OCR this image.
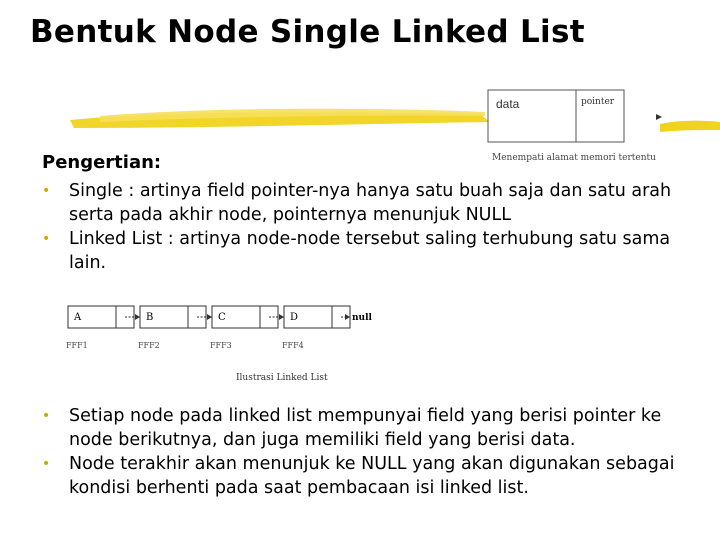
Bentuk Node Single Linked List
data	pointer
Menempati alamat memori tertentu
Pengertian:
• Single : artinya field pointer-nya hanya satu buah saja dan satu arah serta pada akhir node, pointernya menunjuk NULL
• Linked List : artinya node-node tersebut saling terhubung satu sama lain.
A
FFF1
B
FFF2
C
FFF3
D
FFF4
null
Ilustrasi Linked List
• Setiap node pada linked list mempunyai field yang berisi pointer ke node berikutnya, dan juga memiliki field yang berisi data.
• Node terakhir akan menunjuk ke NULL yang akan digunakan sebagai kondisi berhenti pada saat pembacaan isi linked list.
